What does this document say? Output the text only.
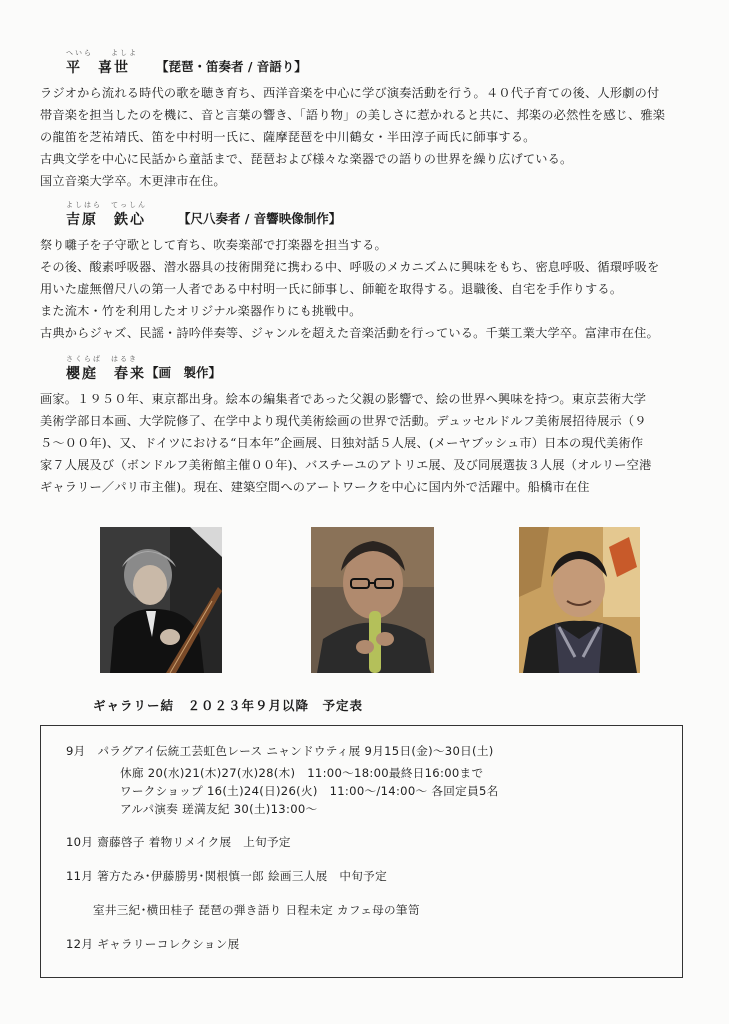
へいら　　よしよ
平　喜世 【琵琶・笛奏者 / 音語り】

ラジオから流れる時代の歌を聴き育ち、西洋音楽を中心に学び演奏活動を行う。４０代子育ての後、人形劇の付

帯音楽を担当したのを機に、音と言葉の響き、「語り物」の美しさに惹かれると共に、邦楽の必然性を感じ、雅楽

の龍笛を芝祐靖氏、笛を中村明一氏に、薩摩琵琶を中川鶴女・半田淳子両氏に師事する。

古典文学を中心に民話から童話まで、琵琶および様々な楽器での語りの世界を繰り広げている。

国立音楽大学卒。木更津市在住。

よしはら　てっしん
吉原　鉄心	【尺八奏者 / 音響映像制作】

祭り囃子を子守歌として育ち、吹奏楽部で打楽器を担当する。

その後、酸素呼吸器、潜水器具の技術開発に携わる中、呼吸のメカニズムに興味をもち、密息呼吸、循環呼吸を

用いた虚無僧尺八の第一人者である中村明一氏に師事し、師範を取得する。退職後、自宅を手作りする。

また流木・竹を利用したオリジナル楽器作りにも挑戦中。

古典からジャズ、民謡・詩吟伴奏等、ジャンルを超えた音楽活動を行っている。千葉工業大学卒。富津市在住。

さくらば　はるき
櫻庭　春来 【画　製作】

画家。１９５０年、東京都出身。絵本の編集者であった父親の影響で、絵の世界へ興味を持つ。東京芸術大学

美術学部日本画、大学院修了、在学中より現代美術絵画の世界で活動。デュッセルドルフ美術展招待展示（９

５～００年)、又、ドイツにおける“日本年”企画展、日独対話５人展、(メーヤブッシュ市）日本の現代美術作

家７人展及び（ボンドルフ美術館主催００年)、バスチーユのアトリエ展、及び同展選抜３人展（オルリー空港

ギャラリー／パリ市主催)。現在、建築空間へのアートワークを中心に国内外で活躍中。船橋市在住

ギャラリー結　２０２３年９月以降　予定表
9月　パラグアイ伝統工芸虹色レース ニャンドウティ展 9月15日(金)～30日(土)
休廊 20(水)21(木)27(水)28(木)　11:00～18:00最終日16:00まで
ワークショップ 16(土)24(日)26(火)　11:00～/14:00～ 各回定員5名
アルパ演奏 瑳満友紀 30(土)13:00～
10月 齋藤啓子 着物リメイク展　上旬予定
11月 箸方たみ･伊藤勝男･関根慎一郎 絵画三人展　中旬予定
室井三紀･横田桂子 琵琶の弾き語り 日程未定 カフェ母の筆笥
12月 ギャラリーコレクション展
